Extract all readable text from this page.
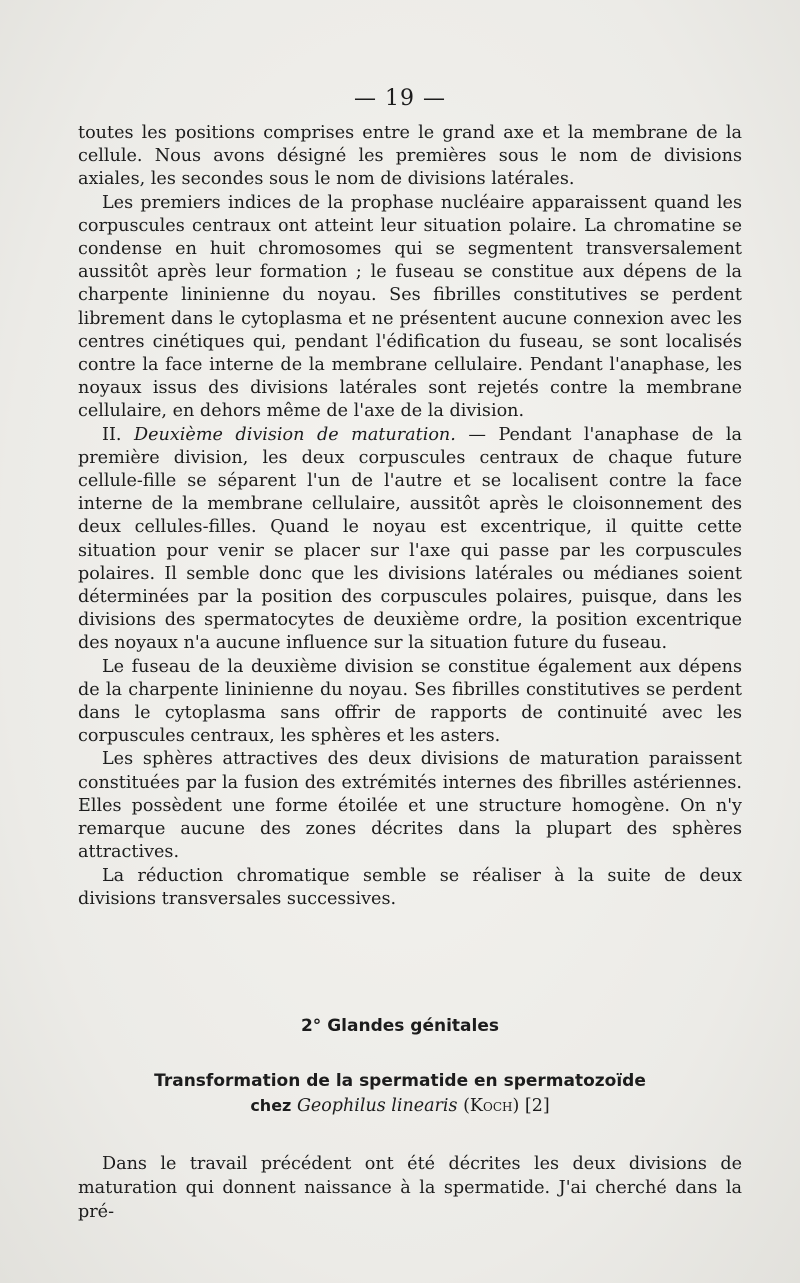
— 19 —

toutes les positions comprises entre le grand axe et la membrane de la cellule. Nous avons désigné les premières sous le nom de divisions axiales, les secondes sous le nom de divisions latérales.

Les premiers indices de la prophase nucléaire apparaissent quand les corpuscules centraux ont atteint leur situation polaire. La chromatine se condense en huit chromosomes qui se segmentent transversalement aussitôt après leur formation ; le fuseau se constitue aux dépens de la charpente lininienne du noyau. Ses fibrilles constitutives se perdent librement dans le cytoplasma et ne présentent aucune connexion avec les centres cinétiques qui, pendant l'édification du fuseau, se sont localisés contre la face interne de la membrane cellulaire. Pendant l'anaphase, les noyaux issus des divisions latérales sont rejetés contre la membrane cellulaire, en dehors même de l'axe de la division.

II. Deuxième division de maturation. — Pendant l'anaphase de la première division, les deux corpuscules centraux de chaque future cellule-fille se séparent l'un de l'autre et se localisent contre la face interne de la membrane cellulaire, aussitôt après le cloisonnement des deux cellules-filles. Quand le noyau est excentrique, il quitte cette situation pour venir se placer sur l'axe qui passe par les corpuscules polaires. Il semble donc que les divisions latérales ou médianes soient déterminées par la position des corpuscules polaires, puisque, dans les divisions des spermatocytes de deuxième ordre, la position excentrique des noyaux n'a aucune influence sur la situation future du fuseau.

Le fuseau de la deuxième division se constitue également aux dépens de la charpente lininienne du noyau. Ses fibrilles constitutives se perdent dans le cytoplasma sans offrir de rapports de continuité avec les corpuscules centraux, les sphères et les asters.

Les sphères attractives des deux divisions de maturation paraissent constituées par la fusion des extrémités internes des fibrilles astériennes. Elles possèdent une forme étoilée et une structure homogène. On n'y remarque aucune des zones décrites dans la plupart des sphères attractives.

La réduction chromatique semble se réaliser à la suite de deux divisions transversales successives.

2° Glandes génitales
Transformation de la spermatide en spermatozoïde
chez Geophilus linearis (Koch) [2]

Dans le travail précédent ont été décrites les deux divisions de maturation qui donnent naissance à la spermatide. J'ai cherché dans la pré-
